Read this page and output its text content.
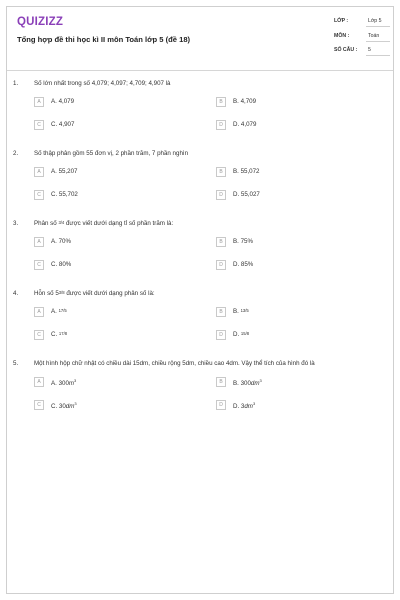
QUIZIZZ
Tổng hợp đề thi học kì II môn Toán lớp 5 (đề 18)
LỚP :	Lớp 5
MÔN :	Toán
SỐ CÂU : 5
1.	Số lớn nhất trong số 4,079; 4,097; 4,709; 4,907 là
A	A. 4,079	B	B. 4,709
C	C. 4,907	D	D. 4,079
2.	Số thập phân gồm 55 đơn vị, 2 phần trăm, 7 phần nghìn
A	A. 55,207	B	B. 55,072
C	C. 55,702	D	D. 55,027
3.	Phân số 3/4 được viết dưới dạng tỉ số phần trăm là:
A	A. 70%	B	B. 75%
C	C. 80%	D	D. 85%
4.	Hỗn số 53/8 được viết dưới dạng phân số là:
A	A. 17/5	B	B. 13/5
C	C. 17/8	D	D. 15/8
5.	Một hình hộp chữ nhật có chiều dài 15dm, chiều rộng 5dm, chiều cao 4dm. Vậy thể tích của hình đó là
A	A. $300m^3$	B	B. $300dm^3$
C	C. $30dm^3$	D	D. $3dm^3$
